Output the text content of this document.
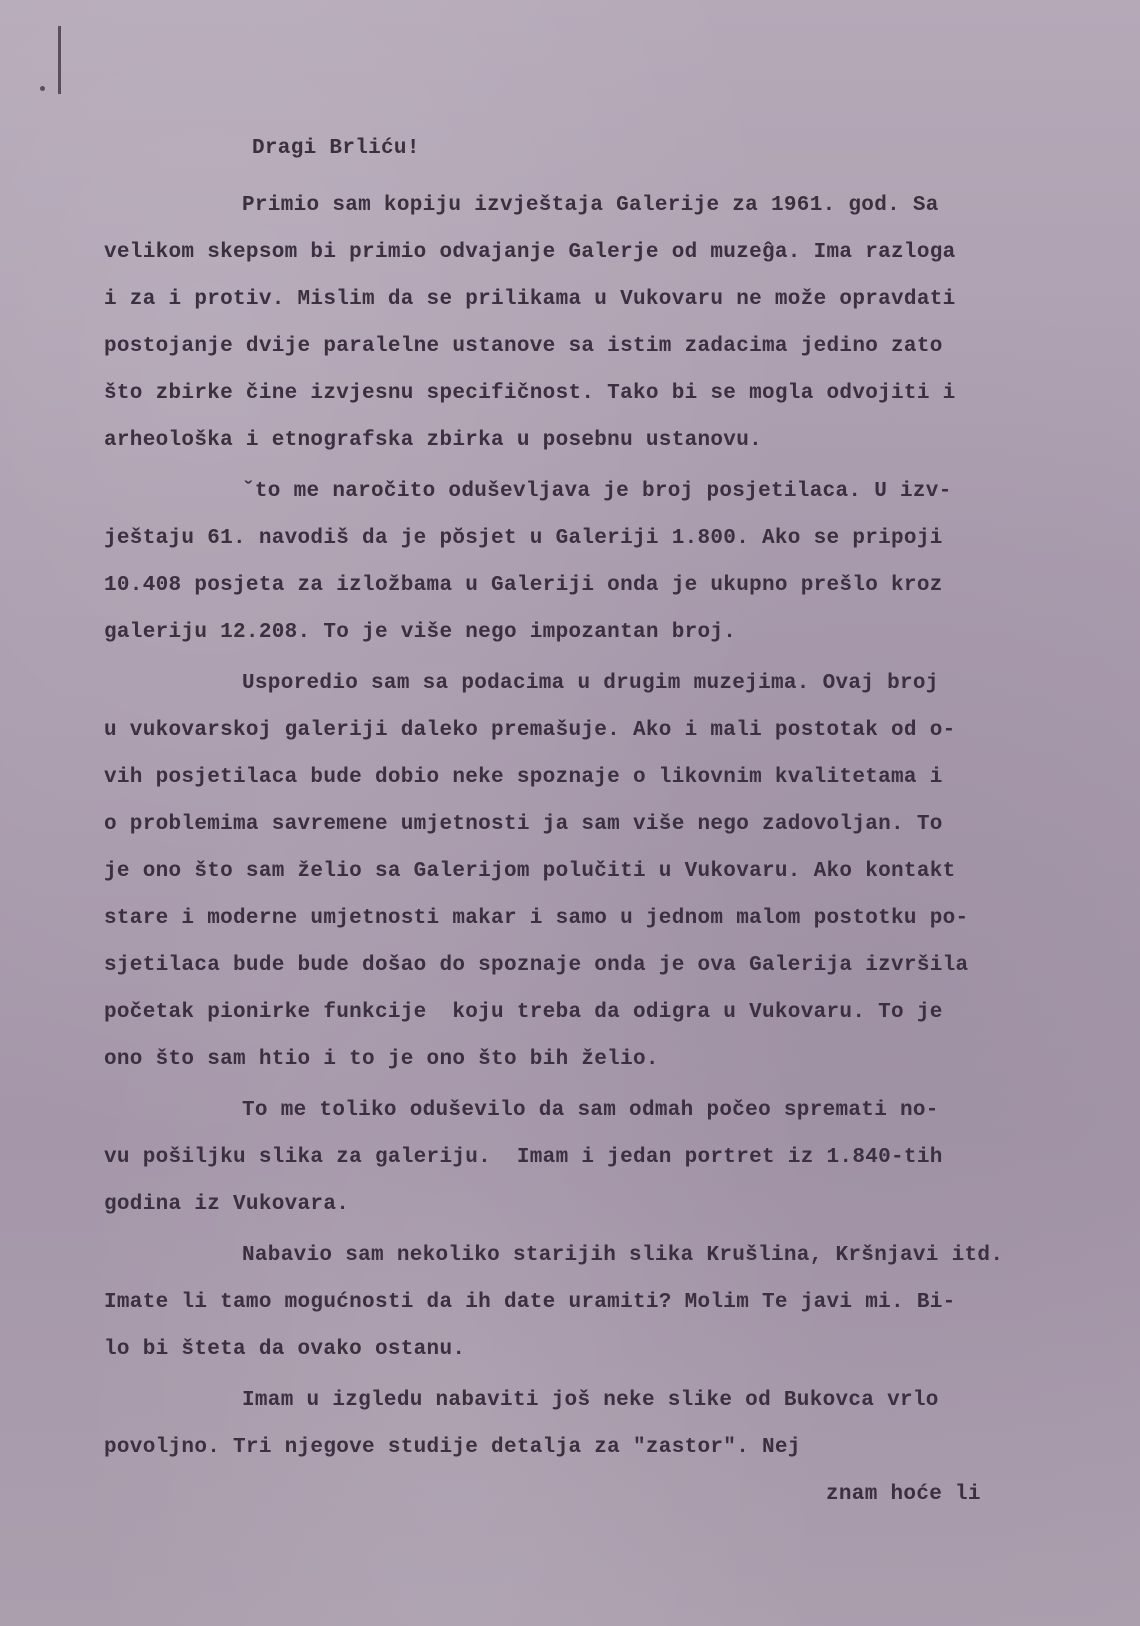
Dragi Brliću!

Primio sam kopiju izvještaja Galerije za 1961. god. Sa
velikom skepsom bi primio odvajanje Galerje od muzeĝa. Ima razloga
i za i protiv. Mislim da se prilikama u Vukovaru ne može opravdati
postojanje dvije paralelne ustanove sa istim zadacima jedino zato
što zbirke čine izvjesnu specifičnost. Tako bi se mogla odvojiti i
arheološka i etnografska zbirka u posebnu ustanovu.

ˇto me naročito oduševljava je broj posjetilaca. U izv-
ještaju 61. navodiš da je pŏsjet u Galeriji 1.800. Ako se pripoji
10.408 posjeta za izložbama u Galeriji onda je ukupno prešlo kroz
galeriju 12.208. To je više nego impozantan broj.

Usporedio sam sa podacima u drugim muzejima. Ovaj broj
u vukovarskoj galeriji daleko premašuje. Ako i mali postotak od o-
vih posjetilaca bude dobio neke spoznaje o likovnim kvalitetama i
o problemima savremene umjetnosti ja sam više nego zadovoljan. To
je ono što sam želio sa Galerijom polučiti u Vukovaru. Ako kontakt
stare i moderne umjetnosti makar i samo u jednom malom postotku po-
sjetilaca bude bude došao do spoznaje onda je ova Galerija izvršila
početak pionirke funkcije  koju treba da odigra u Vukovaru. To je
ono što sam htio i to je ono što bih želio.

To me toliko oduševilo da sam odmah počeo spremati no-
vu pošiljku slika za galeriju.  Imam i jedan portret iz 1.840-tih
godina iz Vukovara.

Nabavio sam nekoliko starijih slika Krušlina, Kršnjavi itd.
Imate li tamo mogućnosti da ih date uramiti? Molim Te javi mi. Bi-
lo bi šteta da ovako ostanu.

Imam u izgledu nabaviti još neke slike od Bukovca vrlo
povoljno. Tri njegove studije detalja za "zastor". Nej
znam hoće li
